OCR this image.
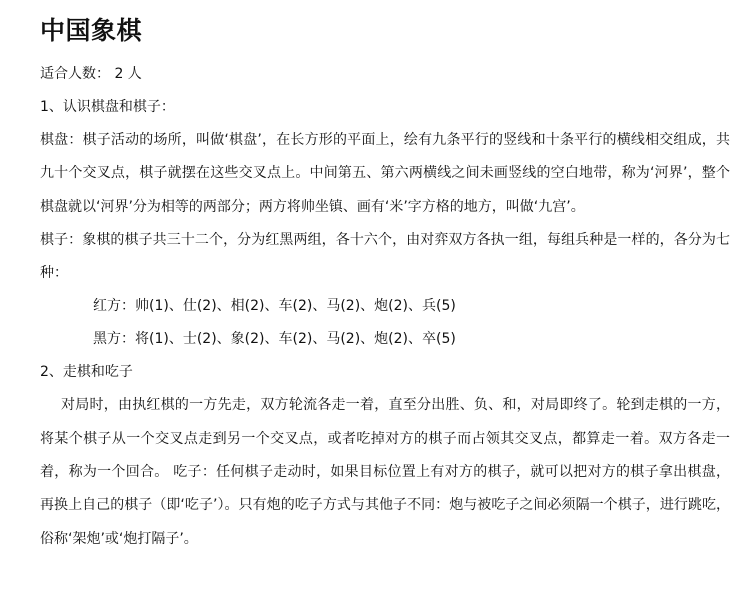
中国象棋

适合人数： 2 人

1、认识棋盘和棋子：

棋盘：棋子活动的场所，叫做‘棋盘’，在长方形的平面上，绘有九条平行的竖线和十条平行的横线相交组成，共九十个交叉点，棋子就摆在这些交叉点上。中间第五、第六两横线之间未画竖线的空白地带，称为‘河界’，整个棋盘就以‘河界’分为相等的两部分；两方将帅坐镇、画有‘米’字方格的地方，叫做‘九宫’。

棋子：象棋的棋子共三十二个，分为红黑两组，各十六个，由对弈双方各执一组，每组兵种是一样的，各分为七种：

红方：帅(1)、仕(2)、相(2)、车(2)、马(2)、炮(2)、兵(5)

黑方：将(1)、士(2)、象(2)、车(2)、马(2)、炮(2)、卒(5)

2、走棋和吃子

对局时，由执红棋的一方先走，双方轮流各走一着，直至分出胜、负、和，对局即终了。轮到走棋的一方，将某个棋子从一个交叉点走到另一个交叉点，或者吃掉对方的棋子而占领其交叉点，都算走一着。双方各走一着，称为一个回合。 吃子：任何棋子走动时，如果目标位置上有对方的棋子，就可以把对方的棋子拿出棋盘，再换上自己的棋子（即‘吃子’）。只有炮的吃子方式与其他子不同：炮与被吃子之间必须隔一个棋子，进行跳吃，俗称‘架炮’或‘炮打隔子’。
